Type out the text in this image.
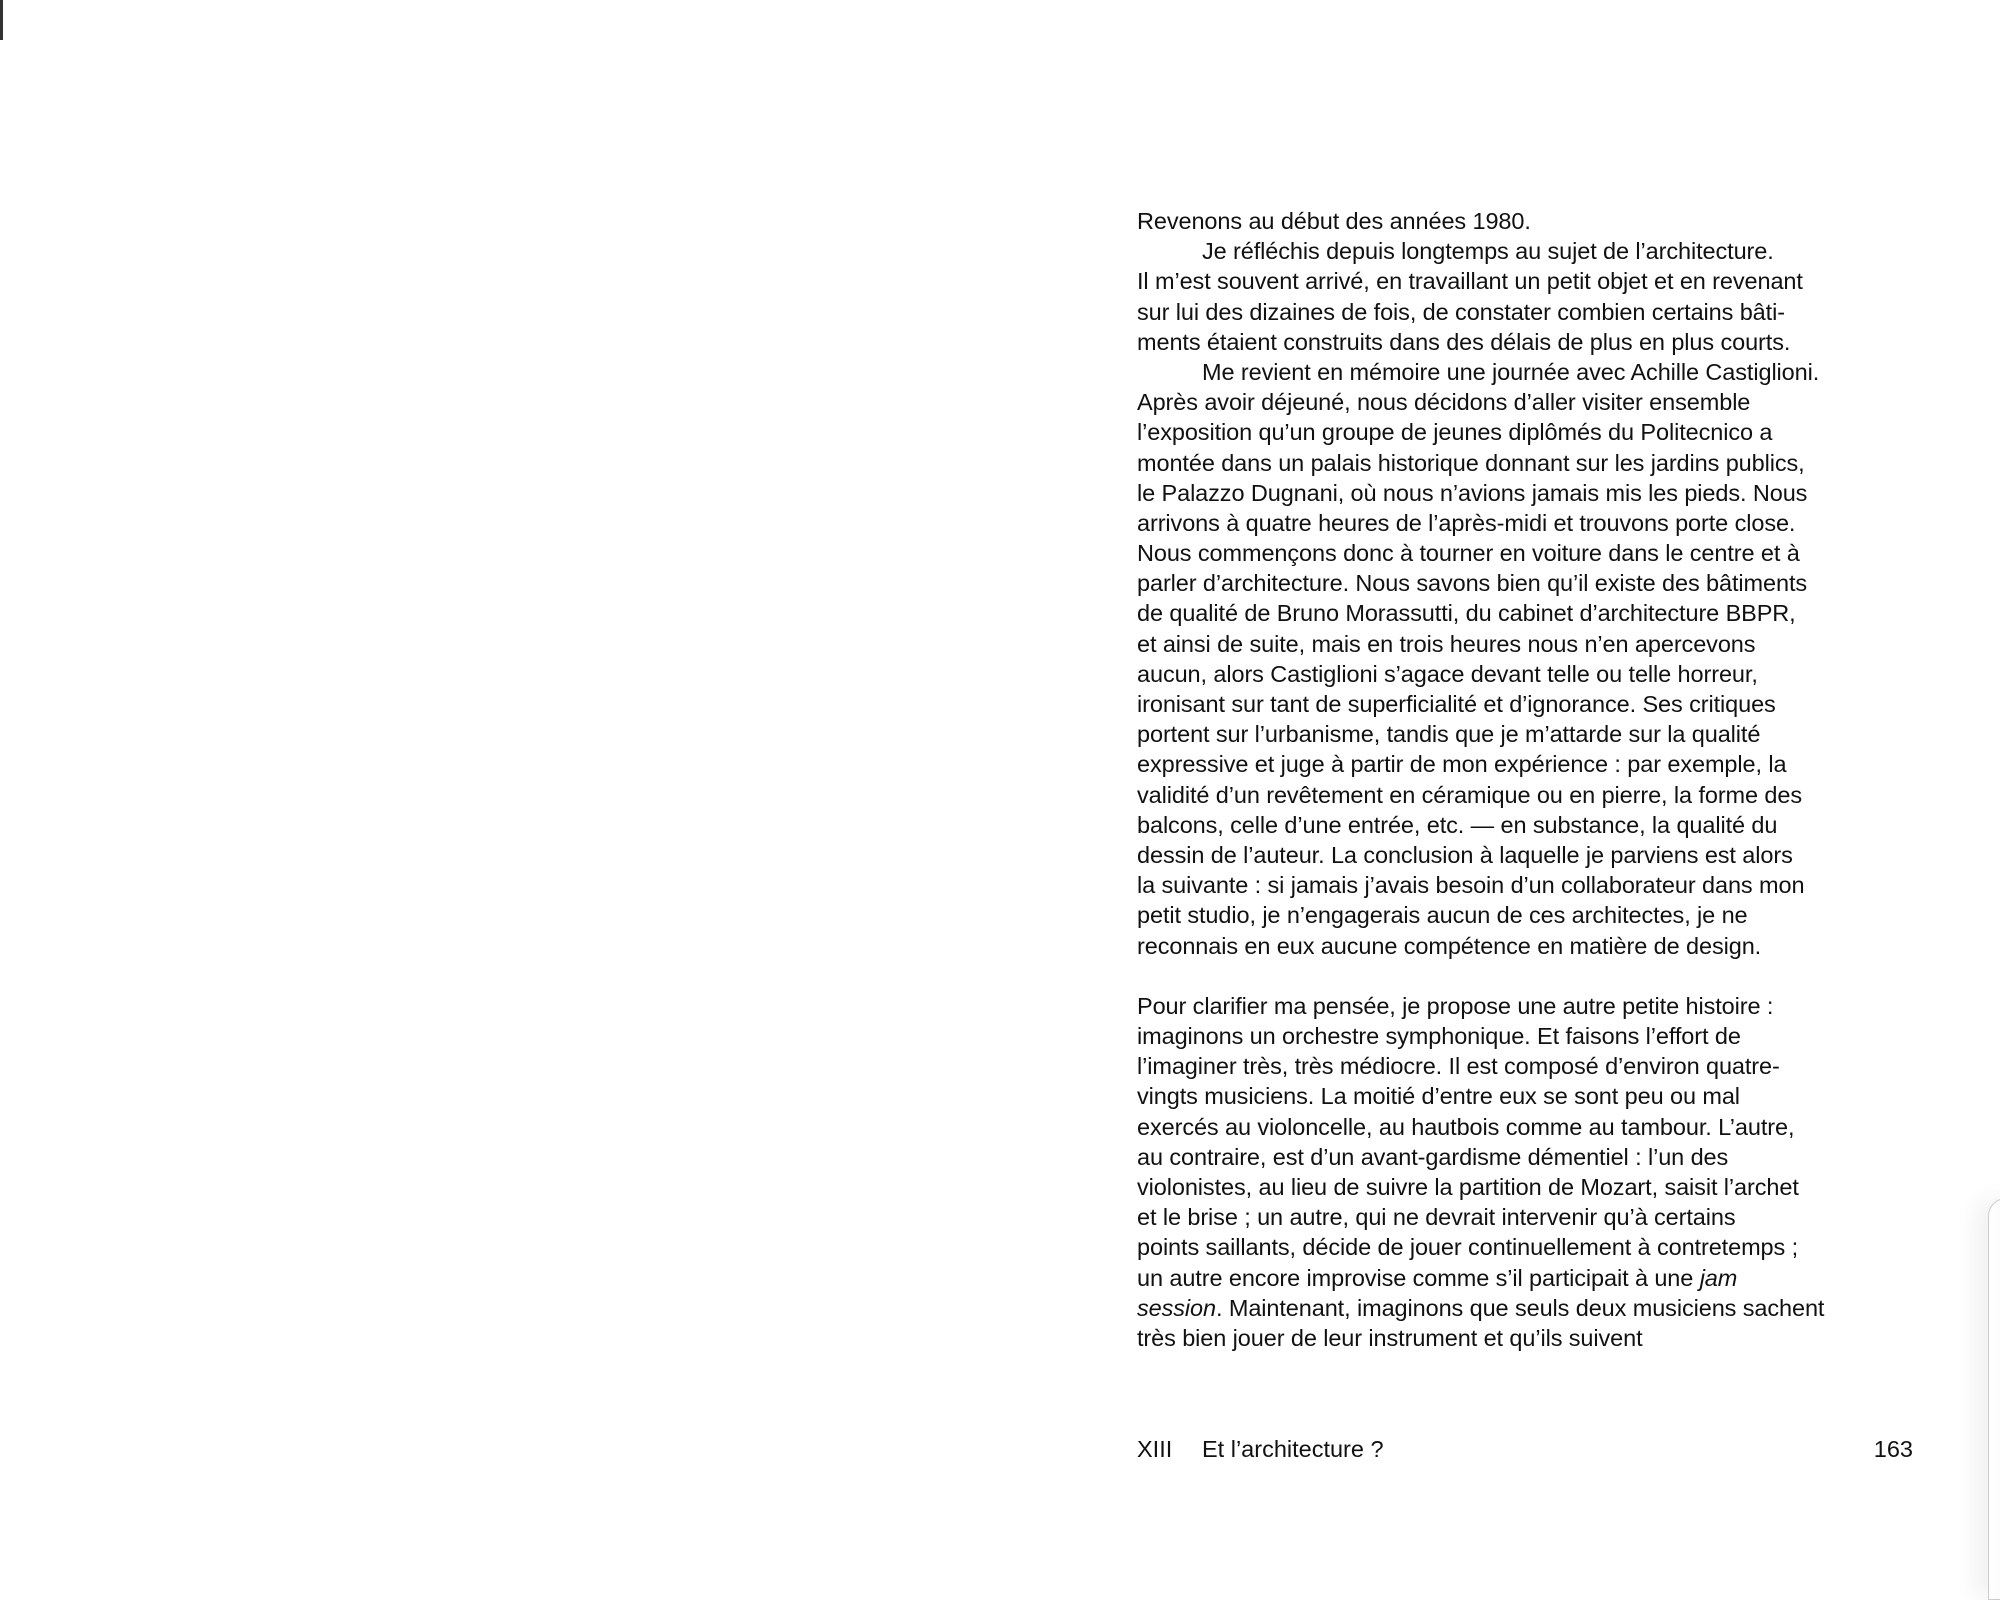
Revenons au début des années 1980.
Je réfléchis depuis longtemps au sujet de l’architecture.
Il m’est souvent arrivé, en travaillant un petit objet et en revenant
sur lui des dizaines de fois, de constater combien certains bâti-
ments étaient construits dans des délais de plus en plus courts.
Me revient en mémoire une journée avec Achille Castiglioni.
Après avoir déjeuné, nous décidons d’aller visiter ensemble
l’exposition qu’un groupe de jeunes diplômés du Politecnico a
montée dans un palais historique donnant sur les jardins publics,
le Palazzo Dugnani, où nous n’avions jamais mis les pieds. Nous
arrivons à quatre heures de l’après-midi et trouvons porte close.
Nous commençons donc à tourner en voiture dans le centre et à
parler d’architecture. Nous savons bien qu’il existe des bâtiments
de qualité de Bruno Morassutti, du cabinet d’architecture BBPR,
et ainsi de suite, mais en trois heures nous n’en apercevons
aucun, alors Castiglioni s’agace devant telle ou telle horreur,
ironisant sur tant de superficialité et d’ignorance. Ses critiques
portent sur l’urbanisme, tandis que je m’attarde sur la qualité
expressive et juge à partir de mon expérience : par exemple, la
validité d’un revêtement en céramique ou en pierre, la forme des
balcons, celle d’une entrée, etc. — en substance, la qualité du
dessin de l’auteur. La conclusion à laquelle je parviens est alors
la suivante : si jamais j’avais besoin d’un collaborateur dans mon
petit studio, je n’engagerais aucun de ces architectes, je ne
reconnais en eux aucune compétence en matière de design.
Pour clarifier ma pensée, je propose une autre petite histoire :
imaginons un orchestre symphonique. Et faisons l’effort de
l’imaginer très, très médiocre. Il est composé d’environ quatre-
vingts musiciens. La moitié d’entre eux se sont peu ou mal
exercés au violoncelle, au hautbois comme au tambour. L’autre,
au contraire, est d’un avant-gardisme démentiel : l’un des
violonistes, au lieu de suivre la partition de Mozart, saisit l’archet
et le brise ; un autre, qui ne devrait intervenir qu’à certains
points saillants, décide de jouer continuellement à contretemps ;
un autre encore improvise comme s’il participait à une jam
session. Maintenant, imaginons que seuls deux musiciens sachent
très bien jouer de leur instrument et qu’ils suivent
XIII Et l’architecture ?	163
